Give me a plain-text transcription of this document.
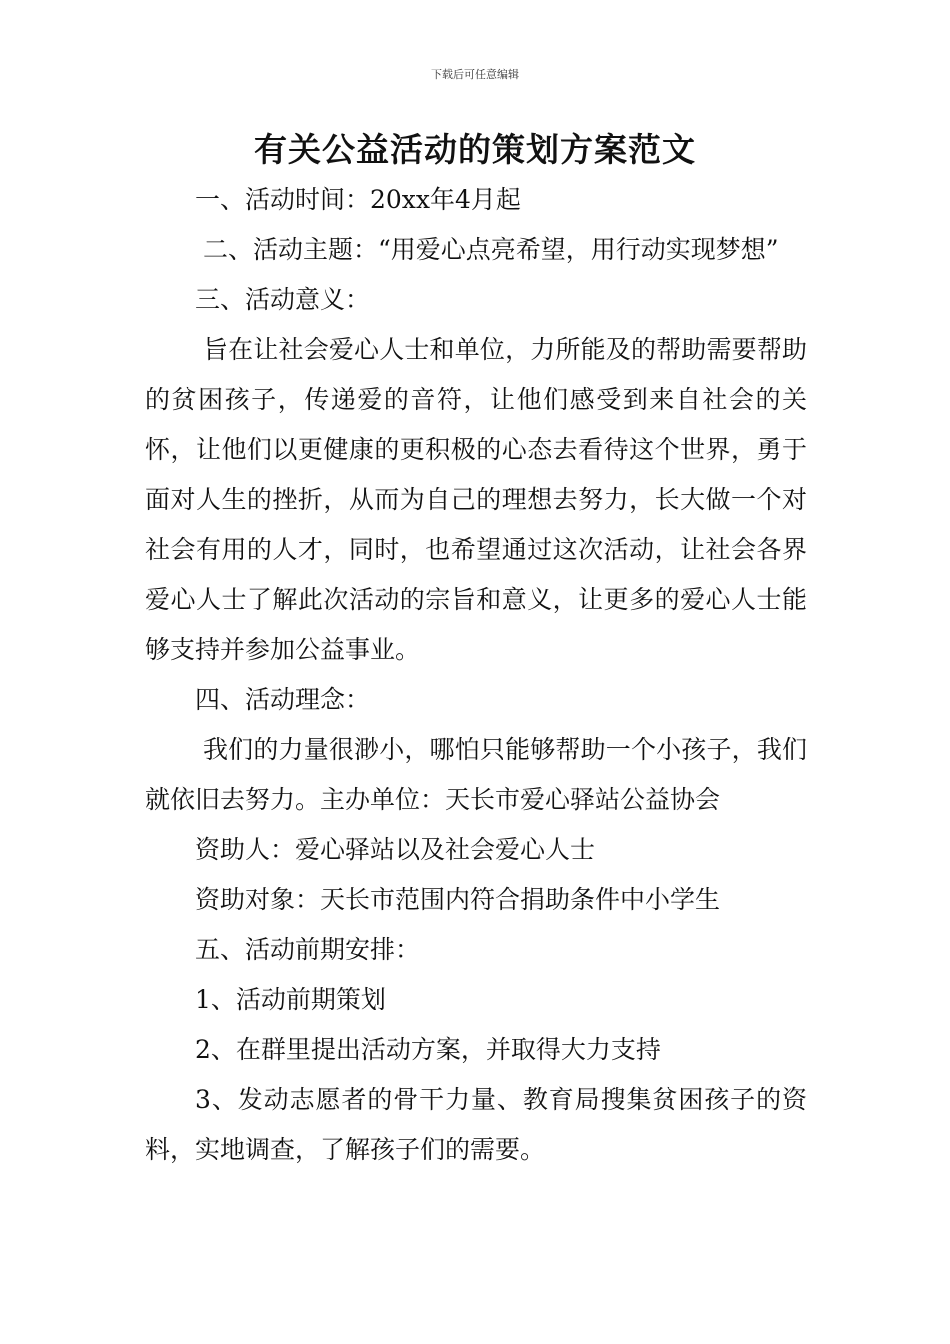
下载后可任意编辑
有关公益活动的策划方案范文

一、活动时间：20xx年4月起

二、活动主题：“用爱心点亮希望，用行动实现梦想”

三、活动意义：

旨在让社会爱心人士和单位，力所能及的帮助需要帮助的贫困孩子，传递爱的音符，让他们感受到来自社会的关怀，让他们以更健康的更积极的心态去看待这个世界，勇于面对人生的挫折，从而为自己的理想去努力，长大做一个对社会有用的人才，同时，也希望通过这次活动，让社会各界爱心人士了解此次活动的宗旨和意义，让更多的爱心人士能够支持并参加公益事业。

四、活动理念：

我们的力量很渺小，哪怕只能够帮助一个小孩子，我们就依旧去努力。主办单位：天长市爱心驿站公益协会

资助人：爱心驿站以及社会爱心人士

资助对象：天长市范围内符合捐助条件中小学生

五、活动前期安排：

1、活动前期策划

2、在群里提出活动方案，并取得大力支持

3、发动志愿者的骨干力量、教育局搜集贫困孩子的资料，实地调查，了解孩子们的需要。
